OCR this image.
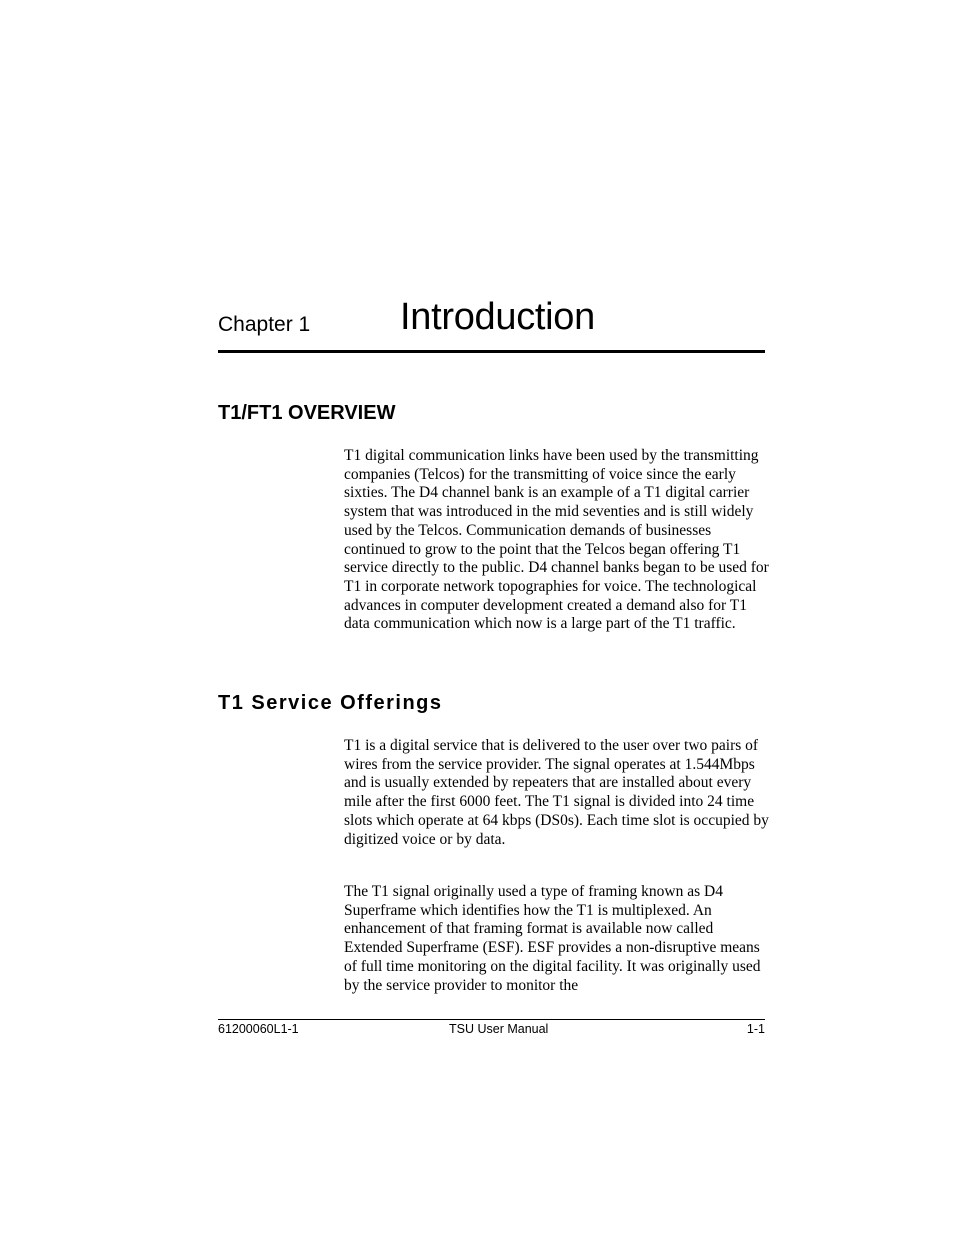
Chapter 1 Introduction
T1/FT1 OVERVIEW

T1 digital communication links have been used by the transmitting companies (Telcos) for the transmitting of voice since the early sixties. The D4 channel bank is an example of a T1 digital carrier system that was introduced in the mid seventies and is still widely used by the Telcos. Communication demands of businesses continued to grow to the point that the Telcos began offering T1 service directly to the public. D4 channel banks began to be used for T1 in corporate network topographies for voice. The technological advances in computer development created a demand also for T1 data communication which now is a large part of the T1 traffic.

T1 Service Offerings

T1 is a digital service that is delivered to the user over two pairs of wires from the service provider. The signal operates at 1.544Mbps and is usually extended by repeaters that are installed about every mile after the first 6000 feet. The T1 signal is divided into 24 time slots which operate at 64 kbps (DS0s). Each time slot is occupied by digitized voice or by data.

The T1 signal originally used a type of framing known as D4 Superframe which identifies how the T1 is multiplexed. An enhancement of that framing format is available now called Extended Superframe (ESF). ESF provides a non-disruptive means of full time monitoring on the digital facility. It was originally used by the service provider to monitor the

61200060L1-1	TSU User Manual	1-1
